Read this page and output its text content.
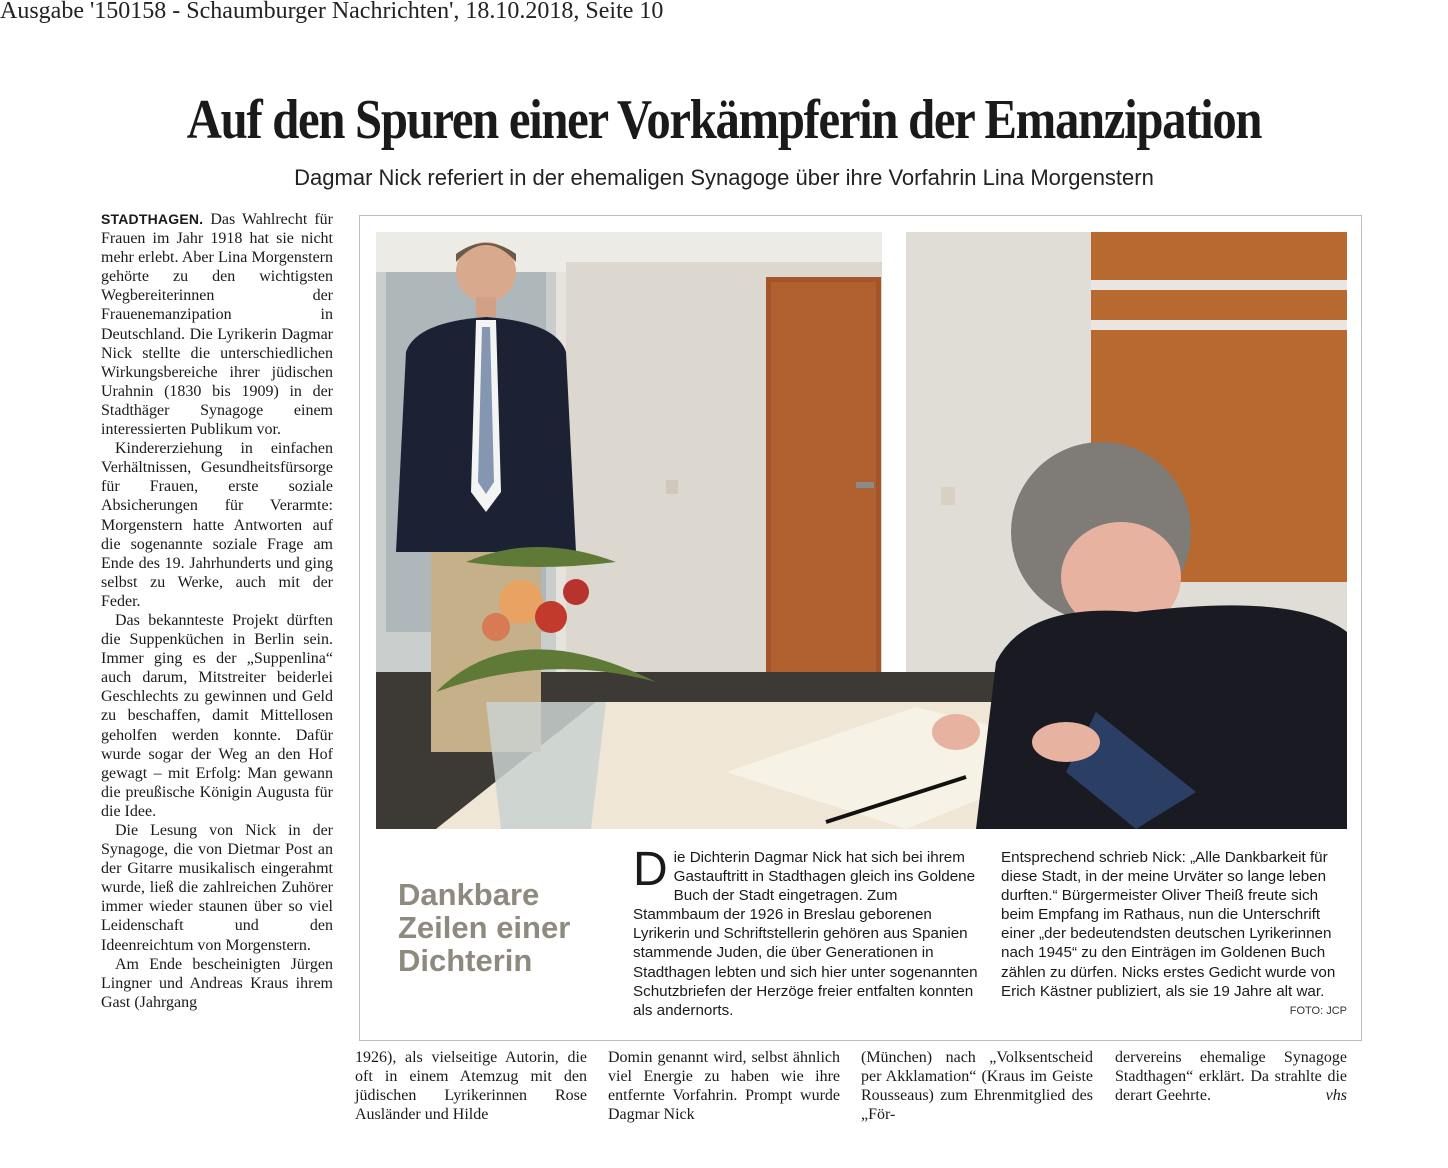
Ausgabe '150158 - Schaumburger Nachrichten', 18.10.2018, Seite 10
Auf den Spuren einer Vorkämpferin der Emanzipation
Dagmar Nick referiert in der ehemaligen Synagoge über ihre Vorfahrin Lina Morgenstern

STADTHAGEN. Das Wahlrecht für Frauen im Jahr 1918 hat sie nicht mehr erlebt. Aber Lina Morgenstern gehörte zu den wichtigsten Wegbereiterinnen der Frauenemanzipation in Deutschland. Die Lyrikerin Dagmar Nick stellte die unterschiedlichen Wirkungsbereiche ihrer jüdischen Urahnin (1830 bis 1909) in der Stadthäger Synagoge einem interessierten Publikum vor.

Kindererziehung in einfachen Verhältnissen, Gesundheitsfürsorge für Frauen, erste soziale Absicherungen für Verarmte: Morgenstern hatte Antworten auf die sogenannte soziale Frage am Ende des 19. Jahrhunderts und ging selbst zu Werke, auch mit der Feder.

Das bekannteste Projekt dürften die Suppenküchen in Berlin sein. Immer ging es der „Suppenlina“ auch darum, Mitstreiter beiderlei Geschlechts zu gewinnen und Geld zu beschaffen, damit Mittellosen geholfen werden konnte. Dafür wurde sogar der Weg an den Hof gewagt – mit Erfolg: Man gewann die preußische Königin Augusta für die Idee.

Die Lesung von Nick in der Synagoge, die von Dietmar Post an der Gitarre musikalisch eingerahmt wurde, ließ die zahlreichen Zuhörer immer wieder staunen über so viel Leidenschaft und den Ideenreichtum von Morgenstern.

Am Ende bescheinigten Jürgen Lingner und Andreas Kraus ihrem Gast (Jahrgang

Dankbare Zeilen einer Dichterin
Die Dichterin Dagmar Nick hat sich bei ihrem Gastauftritt in Stadthagen gleich ins Goldene Buch der Stadt eingetragen. Zum Stammbaum der 1926 in Breslau geborenen Lyrikerin und Schriftstellerin gehören aus Spanien stammende Juden, die über Generationen in Stadthagen lebten und sich hier unter sogenannten Schutzbriefen der Herzöge freier entfalten konnten als andernorts.
Entsprechend schrieb Nick: „Alle Dankbarkeit für diese Stadt, in der meine Urväter so lange leben durften.“ Bürgermeister Oliver Theiß freute sich beim Empfang im Rathaus, nun die Unterschrift einer „der bedeutendsten deutschen Lyrikerinnen nach 1945“ zu den Einträgen im Goldenen Buch zählen zu dürfen. Nicks erstes Gedicht wurde von Erich Kästner publiziert, als sie 19 Jahre alt war.
FOTO: JCP

1926), als vielseitige Autorin, die oft in einem Atemzug mit den jüdischen Lyrikerinnen Rose Ausländer und Hilde

Domin genannt wird, selbst ähnlich viel Energie zu haben wie ihre entfernte Vorfahrin. Prompt wurde Dagmar Nick

(München) nach „Volksentscheid per Akklamation“ (Kraus im Geiste Rousseaus) zum Ehrenmitglied des „För-

dervereins ehemalige Synagoge Stadthagen“ erklärt. Da strahlte die derart Geehrte.	vhs
